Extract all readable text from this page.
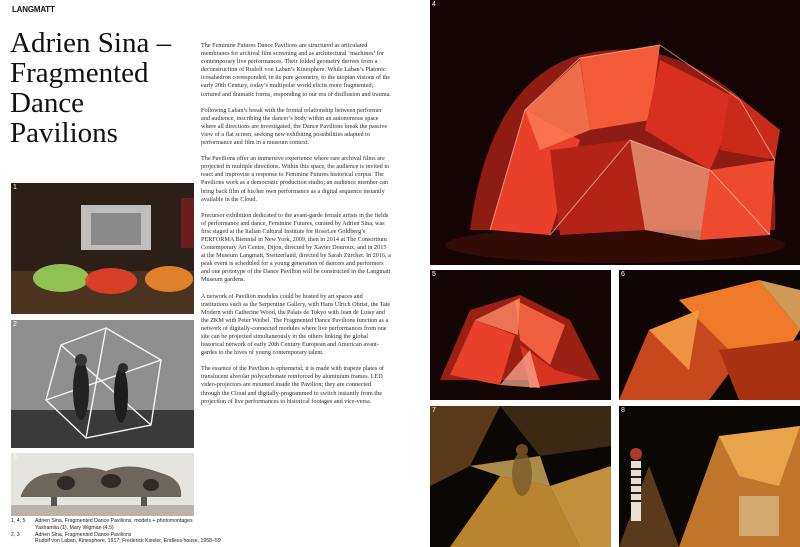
LANGMATT
Adrien Sina – Fragmented Dance Pavilions

The Feminine Futures Dance Pavilions are structured as articulated membranes for archival film screening and as architectural ‘machines’ for contemporary live performances. Their folded geometry derives from a deconstruction of Rudolf von Laban’s Kinesphere. While Laban’s Platonic icosahedron corresponded, in its pure geometry, to the utopian visions of the early 20th Century, today’s multipolar world elicits more fragmented, tortured and dramatic forms, responding to our era of disillusion and trauma.

Following Laban’s break with the frontal relationship between performer and audience, inscribing the dancer’s body within an autonomous space where all directions are investigated, the Dance Pavilions break the passive view of a flat screen, seeking new exhibiting possibilities adapted to performance and film in a museum context.

The Pavilions offer an immersive experience where rare archival films are projected in multiple directions. Within this space, the audience is invited to react and improvise a response to Feminine Futures historical corpus. The Pavilions work as a democratic production studio; an audience member can bring back film of his/her own performance as a digital sequence instantly available in the Cloud.

Precursor exhibition dedicated to the avant-garde female artists in the fields of performance and dance, Feminine Futures, curated by Adrien Sina, was first staged at the Italian Cultural Institute for RoseLee Goldberg’s PERFORMA Biennial in New York, 2009, then in 2014 at The Consortium Contemporary Art Centre, Dijon, directed by Xavier Douroux, and in 2015 at the Museum Langmatt, Switzerland, directed by Sarah Zürcher. In 2016, a peak event is scheduled for a young generation of dancers and performers and one prototype of the Dance Pavilion will be constructed in the Langmatt Museum gardens.

A network of Pavilion modules could be hosted by art spaces and institutions such as the Serpentine Gallery, with Hans Ulrich Obrist, the Tate Modern with Catherine Wood, the Palais de Tokyo with Jean de Loisy and the ZKM with Peter Weibel. The Fragmented Dance Pavilions function as a network of digitally-connected modules where live performances from one site can be projected simultaneously in the others linking the global historical network of early 20th Century European and American avant-gardes to the hives of young contemporary talent.

The essence of the Pavilion is ephemeral; it is made with trapeze plates of translucent alveolar polycarbonate reinforced by aluminium frames. LED video-projectors are mounted inside the Pavilion; they are connected through the Cloud and digitally-programmed to switch instantly from the projection of live performances to historical footages and vice-versa.

1
2
3
1, 4, 5	Adrien Sina, Fragmented Dance Pavilions, models + photomontages
Yashamiia (1), Mary Wigman (4,5)
2, 3	Adrien Sina, Fragmented Dance Pavilions
Rudolf von Laban, Kinesphere, 1917; Frederick Kiesler, Endless house, 1958–59
4
5	6
7	8
